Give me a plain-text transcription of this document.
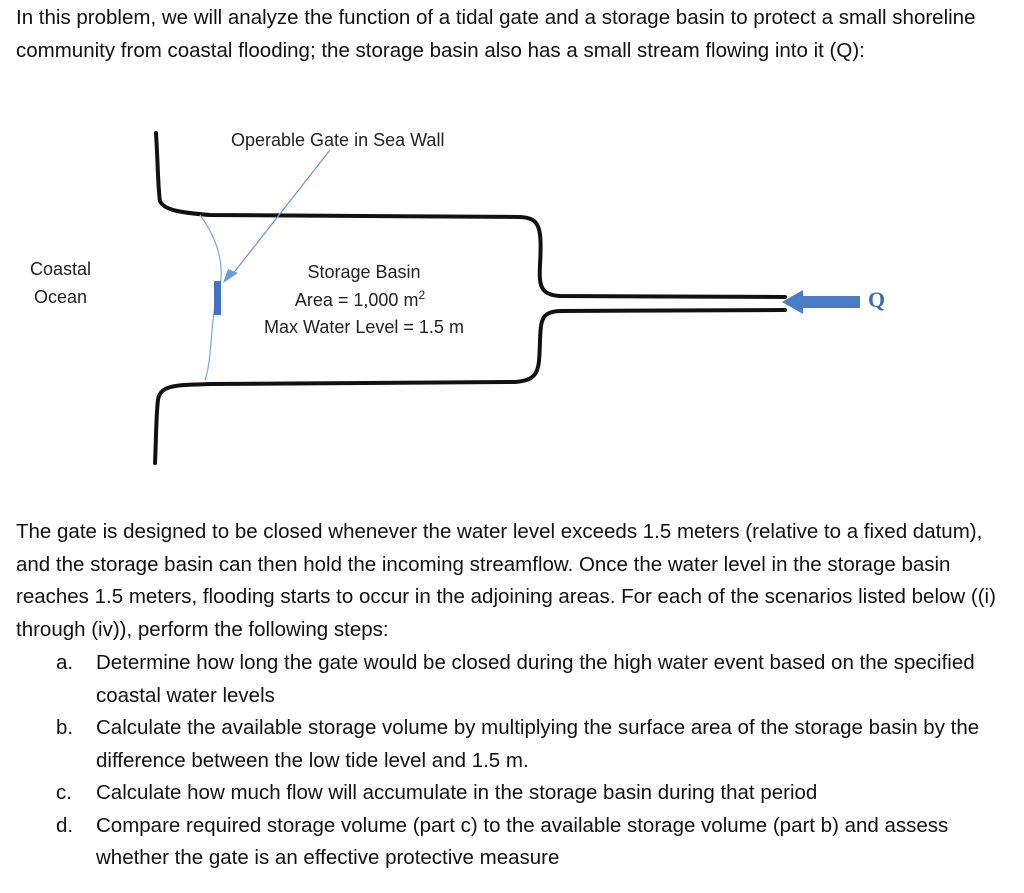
In this problem, we will analyze the function of a tidal gate and a storage basin to protect a small shoreline community from coastal flooding; the storage basin also has a small stream flowing into it (Q):

Operable Gate in Sea Wall
Coastal
Ocean
Storage Basin
Area = 1,000 $m^2$
Max Water Level = 1.5 m
Q

The gate is designed to be closed whenever the water level exceeds 1.5 meters (relative to a fixed datum), and the storage basin can then hold the incoming streamflow. Once the water level in the storage basin reaches 1.5 meters, flooding starts to occur in the adjoining areas. For each of the scenarios listed below ((i) through (iv)), perform the following steps:

a. Determine how long the gate would be closed during the high water event based on the specified coastal water levels
b. Calculate the available storage volume by multiplying the surface area of the storage basin by the difference between the low tide level and 1.5 m.
c. Calculate how much flow will accumulate in the storage basin during that period
d. Compare required storage volume (part c) to the available storage volume (part b) and assess whether the gate is an effective protective measure
